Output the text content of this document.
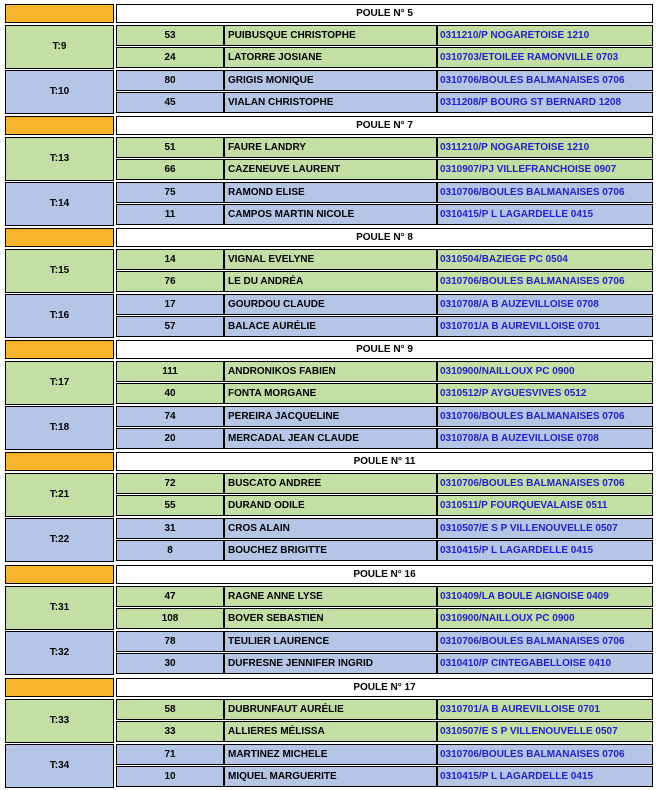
POULE N° 5
T:9
53	PUIBUSQUE CHRISTOPHE	0311210/P NOGARETOISE 1210
24	LATORRE JOSIANE	0310703/ETOILEE RAMONVILLE 0703
T:10
80	GRIGIS MONIQUE	0310706/BOULES BALMANAISES 0706
45	VIALAN CHRISTOPHE	0311208/P BOURG ST BERNARD 1208
POULE N° 7
T:13
51	FAURE LANDRY	0311210/P NOGARETOISE 1210
66	CAZENEUVE LAURENT	0310907/PJ VILLEFRANCHOISE 0907
T:14
75	RAMOND ELISE	0310706/BOULES BALMANAISES 0706
11	CAMPOS MARTIN NICOLE	0310415/P L LAGARDELLE 0415
POULE N° 8
T:15
14	VIGNAL EVELYNE	0310504/BAZIEGE PC 0504
76	LE DU ANDRÉA	0310706/BOULES BALMANAISES 0706
T:16
17	GOURDOU CLAUDE	0310708/A B AUZEVILLOISE 0708
57	BALACE AURÉLIE	0310701/A B AUREVILLOISE 0701
POULE N° 9
T:17
111	ANDRONIKOS FABIEN	0310900/NAILLOUX PC 0900
40	FONTA MORGANE	0310512/P AYGUESVIVES 0512
T:18
74	PEREIRA JACQUELINE	0310706/BOULES BALMANAISES 0706
20	MERCADAL JEAN CLAUDE	0310708/A B AUZEVILLOISE 0708
POULE N° 11
T:21
72	BUSCATO ANDREE	0310706/BOULES BALMANAISES 0706
55	DURAND ODILE	0310511/P FOURQUEVALAISE 0511
T:22
31	CROS ALAIN	0310507/E S P VILLENOUVELLE 0507
8	BOUCHEZ BRIGITTE	0310415/P L LAGARDELLE 0415
POULE N° 16
T:31
47	RAGNE ANNE LYSE	0310409/LA BOULE AIGNOISE 0409
108	BOVER SEBASTIEN	0310900/NAILLOUX PC 0900
T:32
78	TEULIER LAURENCE	0310706/BOULES BALMANAISES 0706
30	DUFRESNE JENNIFER INGRID	0310410/P CINTEGABELLOISE 0410
POULE N° 17
T:33
58	DUBRUNFAUT AURÉLIE	0310701/A B AUREVILLOISE 0701
33	ALLIERES MÉLISSA	0310507/E S P VILLENOUVELLE 0507
T:34
71	MARTINEZ MICHELE	0310706/BOULES BALMANAISES 0706
10	MIQUEL MARGUERITE	0310415/P L LAGARDELLE 0415
